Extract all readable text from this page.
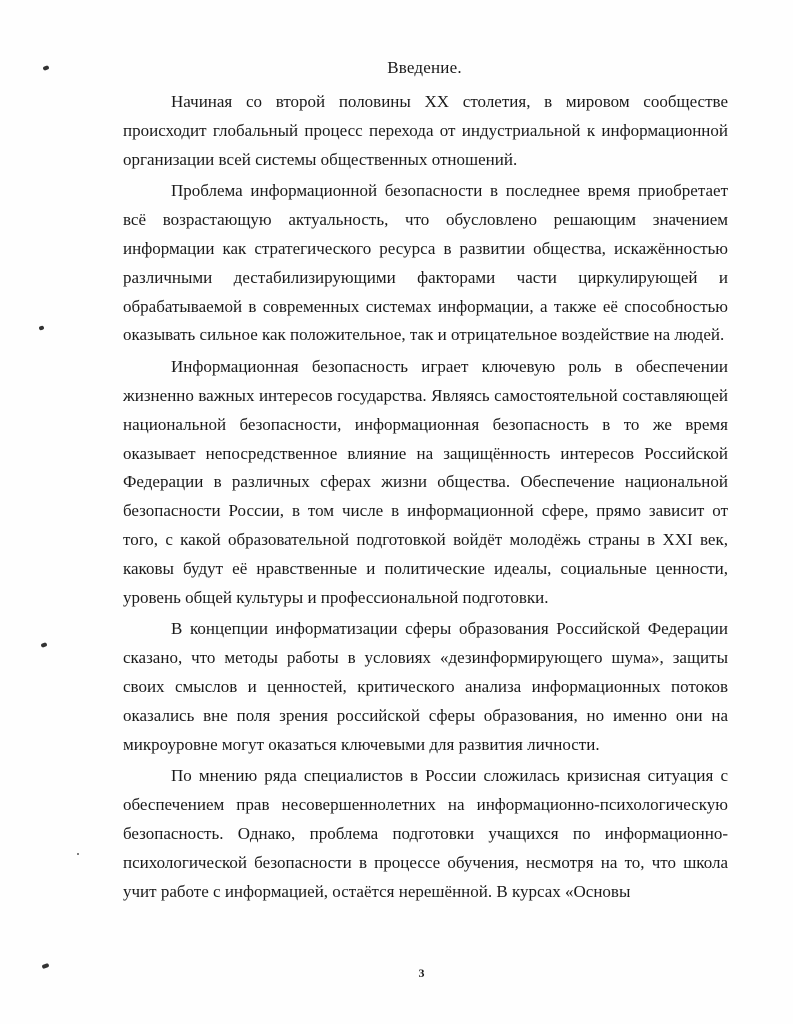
Введение.

Начиная со второй половины XX столетия, в мировом сообществе происходит глобальный процесс перехода от индустриальной к информационной организации всей системы общественных отношений.

Проблема информационной безопасности в последнее время приобретает всё возрастающую актуальность, что обусловлено решающим значением информации как стратегического ресурса в развитии общества, искажённостью различными дестабилизирующими факторами части циркулирующей и обрабатываемой в современных системах информации, а также её способностью оказывать сильное как положительное, так и отрицательное воздействие на людей.

Информационная безопасность играет ключевую роль в обеспечении жизненно важных интересов государства. Являясь самостоятельной составляющей национальной безопасности, информационная безопасность в то же время оказывает непосредственное влияние на защищённость интересов Российской Федерации в различных сферах жизни общества. Обеспечение национальной безопасности России, в том числе в информационной сфере, прямо зависит от того, с какой образовательной подготовкой войдёт молодёжь страны в XXI век, каковы будут её нравственные и политические идеалы, социальные ценности, уровень общей культуры и профессиональной подготовки.

В концепции информатизации сферы образования Российской Федерации сказано, что методы работы в условиях «дезинформирующего шума», защиты своих смыслов и ценностей, критического анализа информационных потоков оказались вне поля зрения российской сферы образования, но именно они на микроуровне могут оказаться ключевыми для развития личности.

По мнению ряда специалистов в России сложилась кризисная ситуация с обеспечением прав несовершеннолетних на информационно-психологическую безопасность. Однако, проблема подготовки учащихся по информационно-психологической безопасности в процессе обучения, несмотря на то, что школа учит работе с информацией, остаётся нерешённой. В курсах «Основы

3
